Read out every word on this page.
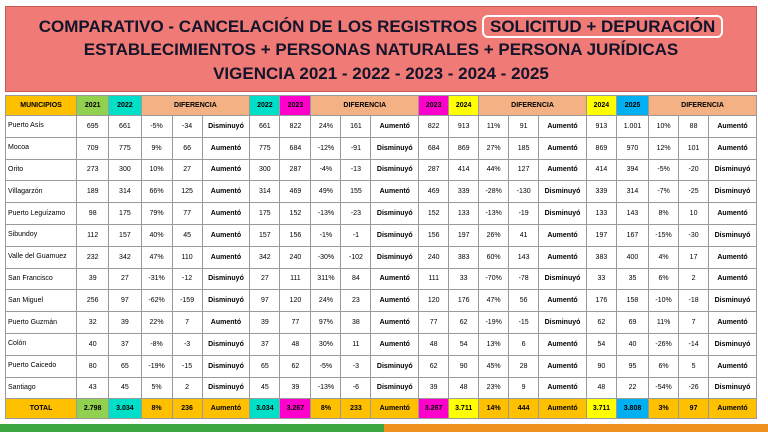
COMPARATIVO - CANCELACIÓN DE LOS REGISTROS SOLICITUD + DEPURACIÓN
ESTABLECIMIENTOS + PERSONAS NATURALES + PERSONA JURÍDICAS
VIGENCIA 2021 - 2022 - 2023 - 2024 - 2025
MUNICIPIOS	2021	2022	DIFERENCIA			2022	2023	DIFERENCIA			2023	2024	DIFERENCIA			2024	2025	DIFERENCIA		
Puerto Asís	695	661	-5%	-34	Disminuyó	661	822	24%	161	Aumentó	822	913	11%	91	Aumentó	913	1.001	10%	88	Aumentó
Mocoa	709	775	9%	66	Aumentó	775	684	-12%	-91	Disminuyó	684	869	27%	185	Aumentó	869	970	12%	101	Aumentó
Orito	273	300	10%	27	Aumentó	300	287	-4%	-13	Disminuyó	287	414	44%	127	Aumentó	414	394	-5%	-20	Disminuyó
Villagarzón	189	314	66%	125	Aumentó	314	469	49%	155	Aumentó	469	339	-28%	-130	Disminuyó	339	314	-7%	-25	Disminuyó
Puerto Leguízamo	98	175	79%	77	Aumentó	175	152	-13%	-23	Disminuyó	152	133	-13%	-19	Disminuyó	133	143	8%	10	Aumentó
Sibundoy	112	157	40%	45	Aumentó	157	156	-1%	-1	Disminuyó	156	197	26%	41	Aumentó	197	167	-15%	-30	Disminuyó
Valle del Guamuez	232	342	47%	110	Aumentó	342	240	-30%	-102	Disminuyó	240	383	60%	143	Aumentó	383	400	4%	17	Aumentó
San Francisco	39	27	-31%	-12	Disminuyó	27	111	311%	84	Aumentó	111	33	-70%	-78	Disminuyó	33	35	6%	2	Aumentó
San Miguel	256	97	-62%	-159	Disminuyó	97	120	24%	23	Aumentó	120	176	47%	56	Aumentó	176	158	-10%	-18	Disminuyó
Puerto Guzmán	32	39	22%	7	Aumentó	39	77	97%	38	Aumentó	77	62	-19%	-15	Disminuyó	62	69	11%	7	Aumentó
Colón	40	37	-8%	-3	Disminuyó	37	48	30%	11	Aumentó	48	54	13%	6	Aumentó	54	40	-26%	-14	Disminuyó
Puerto Caicedo	80	65	-19%	-15	Disminuyó	65	62	-5%	-3	Disminuyó	62	90	45%	28	Aumentó	90	95	6%	5	Aumentó
Santiago	43	45	5%	2	Disminuyó	45	39	-13%	-6	Disminuyó	39	48	23%	9	Aumentó	48	22	-54%	-26	Disminuyó
TOTAL	2.798	3.034	8%	236	Aumentó	3.034	3.267	8%	233	Aumentó	3.267	3.711	14%	444	Aumentó	3.711	3.808	3%	97	Aumentó
